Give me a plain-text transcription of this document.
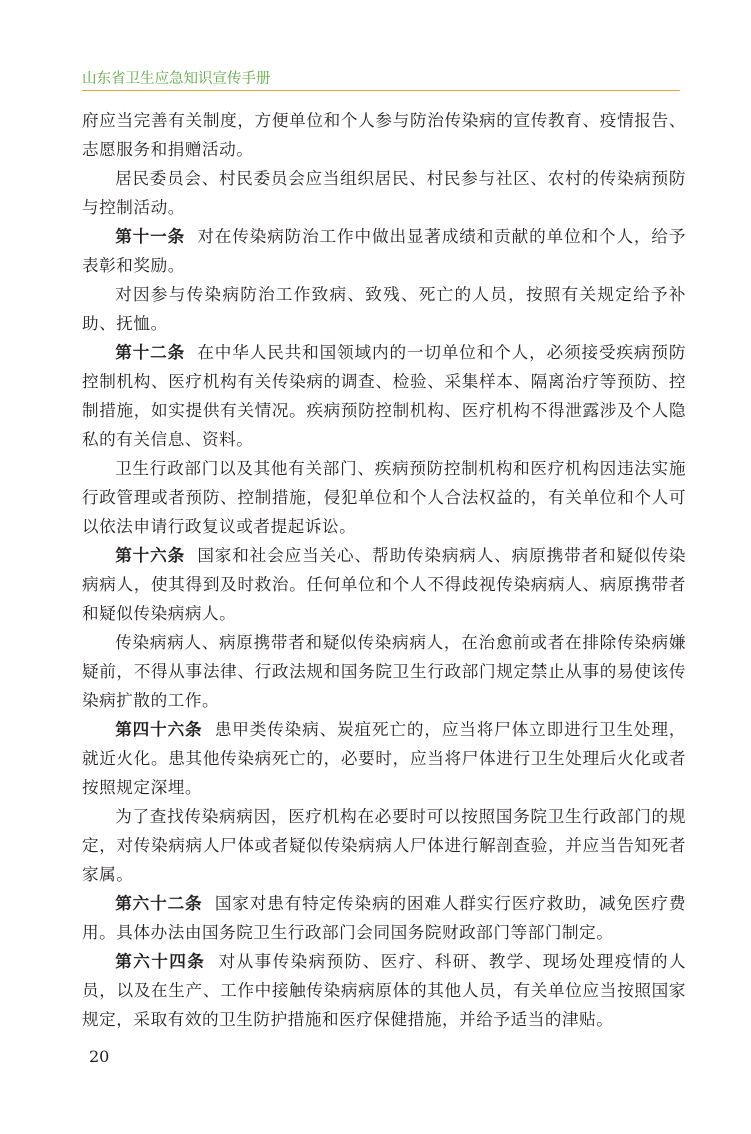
山东省卫生应急知识宣传手册

府应当完善有关制度，方便单位和个人参与防治传染病的宣传教育、疫情报告、志愿服务和捐赠活动。

居民委员会、村民委员会应当组织居民、村民参与社区、农村的传染病预防与控制活动。

第十一条 对在传染病防治工作中做出显著成绩和贡献的单位和个人，给予表彰和奖励。

对因参与传染病防治工作致病、致残、死亡的人员，按照有关规定给予补助、抚恤。

第十二条 在中华人民共和国领域内的一切单位和个人，必须接受疾病预防控制机构、医疗机构有关传染病的调查、检验、采集样本、隔离治疗等预防、控制措施，如实提供有关情况。疾病预防控制机构、医疗机构不得泄露涉及个人隐私的有关信息、资料。

卫生行政部门以及其他有关部门、疾病预防控制机构和医疗机构因违法实施行政管理或者预防、控制措施，侵犯单位和个人合法权益的，有关单位和个人可以依法申请行政复议或者提起诉讼。

第十六条 国家和社会应当关心、帮助传染病病人、病原携带者和疑似传染病病人，使其得到及时救治。任何单位和个人不得歧视传染病病人、病原携带者和疑似传染病病人。

传染病病人、病原携带者和疑似传染病病人，在治愈前或者在排除传染病嫌疑前，不得从事法律、行政法规和国务院卫生行政部门规定禁止从事的易使该传染病扩散的工作。

第四十六条 患甲类传染病、炭疽死亡的，应当将尸体立即进行卫生处理，就近火化。患其他传染病死亡的，必要时，应当将尸体进行卫生处理后火化或者按照规定深埋。

为了查找传染病病因，医疗机构在必要时可以按照国务院卫生行政部门的规定，对传染病病人尸体或者疑似传染病病人尸体进行解剖查验，并应当告知死者家属。

第六十二条 国家对患有特定传染病的困难人群实行医疗救助，减免医疗费用。具体办法由国务院卫生行政部门会同国务院财政部门等部门制定。

第六十四条 对从事传染病预防、医疗、科研、教学、现场处理疫情的人员，以及在生产、工作中接触传染病病原体的其他人员，有关单位应当按照国家规定，采取有效的卫生防护措施和医疗保健措施，并给予适当的津贴。

20
